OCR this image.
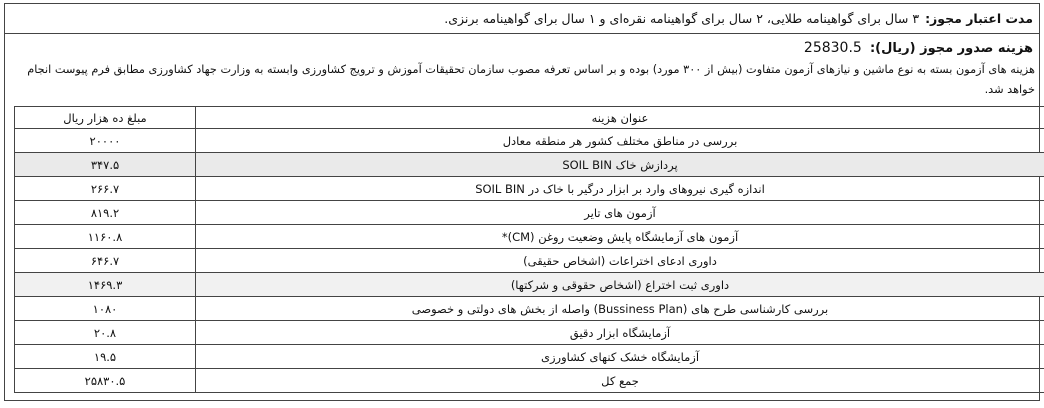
مدت اعتبار مجوز:
۳ سال برای گواهینامه طلایی، ۲ سال برای گواهینامه نقره‌ای و ۱ سال برای گواهینامه برنزی.
هزینه صدور مجوز (ریال): 25830.5
هزینه های آزمون بسته به نوع ماشین و نیازهای آزمون متفاوت (بیش از ۳۰۰ مورد) بوده و بر اساس تعرفه مصوب سازمان تحقیقات آموزش و ترویج کشاورزی وابسته به وزارت جهاد کشاورزی مطابق فرم پیوست انجام خواهد شد.
عنوان هزینه	مبلغ ده هزار ریال
بررسی در مناطق مختلف کشور هر منطقه معادل	۲۰۰۰۰
پردازش خاک SOIL BIN	۳۴۷.۵
اندازه گیری نیروهای وارد بر ابزار درگیر با خاک در SOIL BIN	۲۶۶.۷
آزمون های تایر	۸۱۹.۲
آزمون های آزمایشگاه پایش وضعیت روغن (CM)*	۱۱۶۰.۸
داوری ادعای اختراعات (اشخاص حقیقی)	۶۴۶.۷
داوری ثبت اختراع (اشخاص حقوقی و شرکتها)	۱۴۶۹.۳
بررسی کارشناسی طرح های (Bussiness Plan) واصله از بخش های دولتی و خصوصی	۱۰۸۰
آزمایشگاه ابزار دقیق	۲۰.۸
آزمایشگاه خشک کنهای کشاورزی	۱۹.۵
جمع کل	۲۵۸۳۰.۵
